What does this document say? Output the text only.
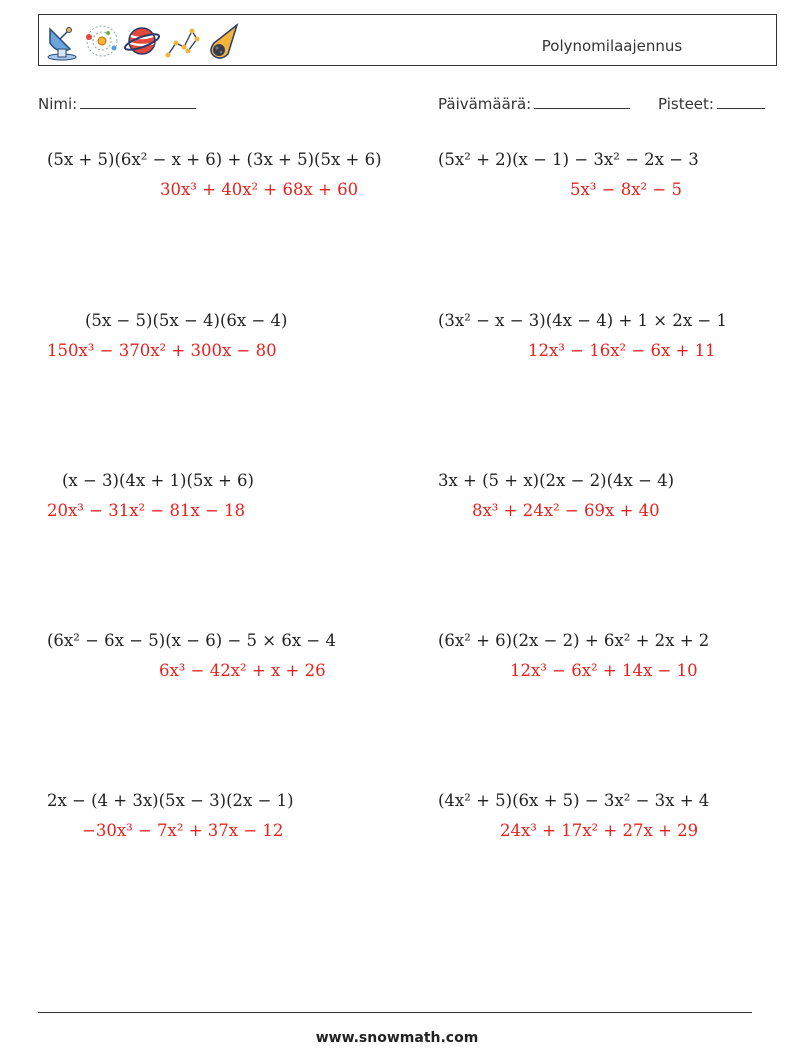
Polynomilaajennus
Nimi:	Päivämäärä:	Pisteet:
(5x + 5)(6x² − x + 6) + (3x + 5)(5x + 6)
30x³ + 40x² + 68x + 60
(5x² + 2)(x − 1) − 3x² − 2x − 3
5x³ − 8x² − 5
(5x − 5)(5x − 4)(6x − 4)
150x³ − 370x² + 300x − 80
(3x² − x − 3)(4x − 4) + 1 × 2x − 1
12x³ − 16x² − 6x + 11
(x − 3)(4x + 1)(5x + 6)
20x³ − 31x² − 81x − 18
3x + (5 + x)(2x − 2)(4x − 4)
8x³ + 24x² − 69x + 40
(6x² − 6x − 5)(x − 6) − 5 × 6x − 4
6x³ − 42x² + x + 26
(6x² + 6)(2x − 2) + 6x² + 2x + 2
12x³ − 6x² + 14x − 10
2x − (4 + 3x)(5x − 3)(2x − 1)
−30x³ − 7x² + 37x − 12
(4x² + 5)(6x + 5) − 3x² − 3x + 4
24x³ + 17x² + 27x + 29
www.snowmath.com
